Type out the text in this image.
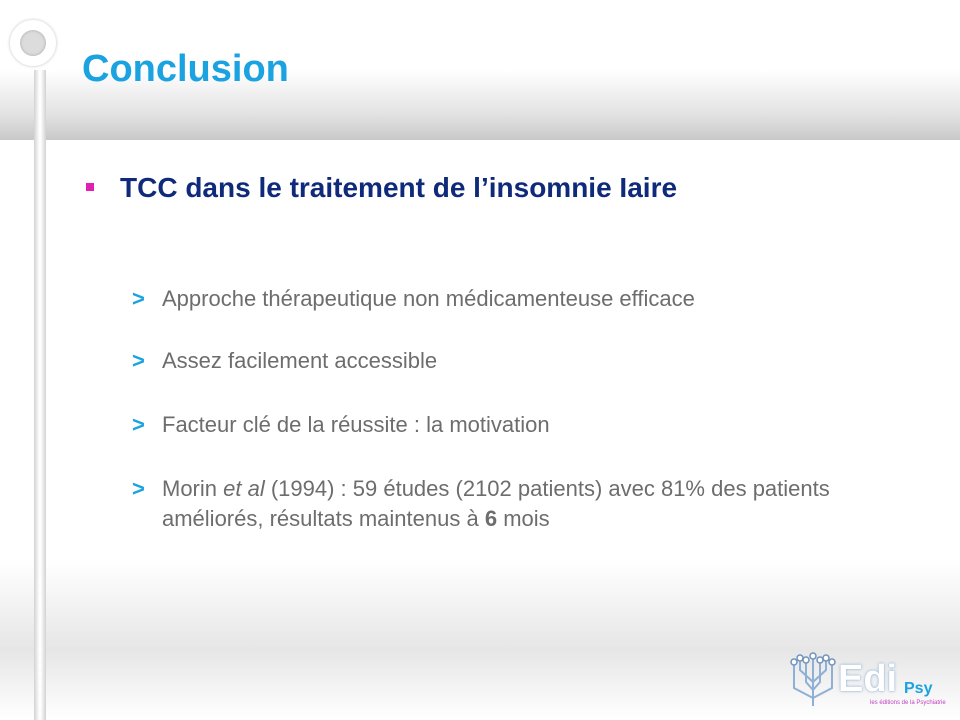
Conclusion
TCC dans le traitement de l’insomnie Iaire
> Approche thérapeutique non médicamenteuse efficace
> Assez facilement accessible
> Facteur clé de la réussite : la motivation
> Morin et al (1994) : 59 études (2102 patients) avec 81% des patients améliorés, résultats maintenus à 6 mois
Edi Psy
les éditions de la Psychiatrie
